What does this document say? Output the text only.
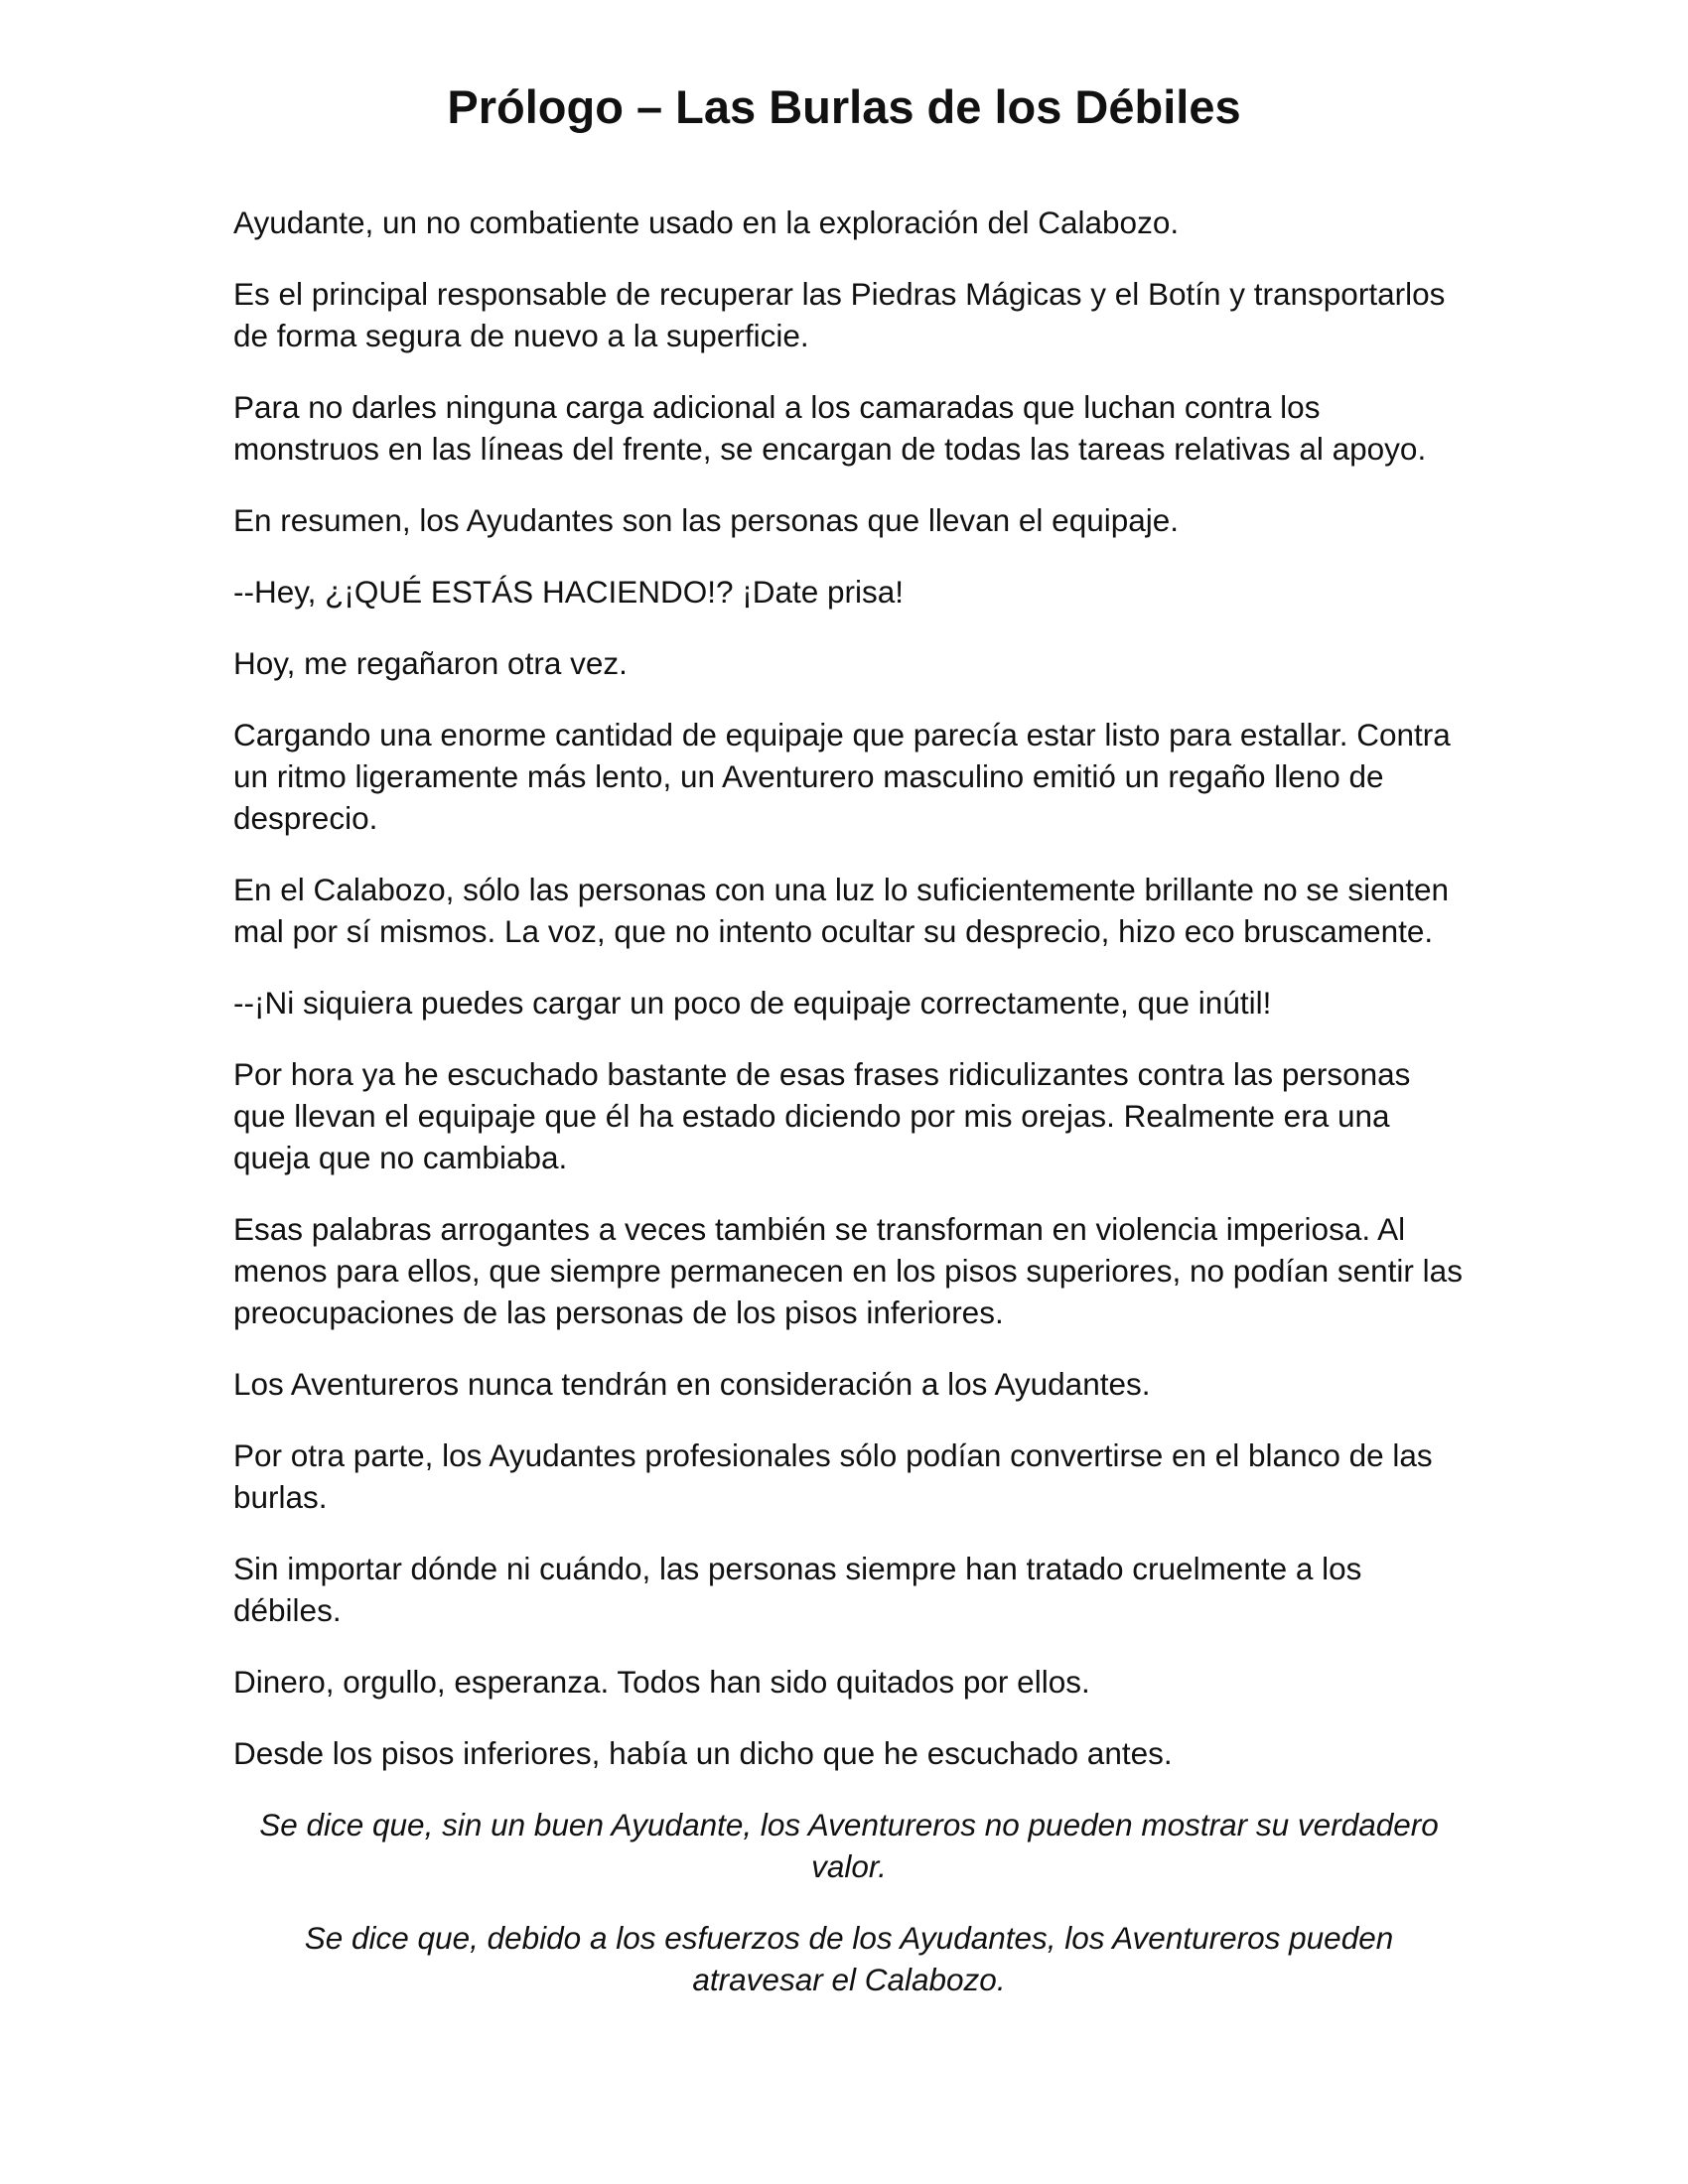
Prólogo – Las Burlas de los Débiles

Ayudante, un no combatiente usado en la exploración del Calabozo.

Es el principal responsable de recuperar las Piedras Mágicas y el Botín y transportarlos de forma segura de nuevo a la superficie.

Para no darles ninguna carga adicional a los camaradas que luchan contra los monstruos en las líneas del frente, se encargan de todas las tareas relativas al apoyo.

En resumen, los Ayudantes son las personas que llevan el equipaje.

--Hey, ¿¡QUÉ ESTÁS HACIENDO!? ¡Date prisa!

Hoy, me regañaron otra vez.

Cargando una enorme cantidad de equipaje que parecía estar listo para estallar. Contra un ritmo ligeramente más lento, un Aventurero masculino emitió un regaño lleno de desprecio.

En el Calabozo, sólo las personas con una luz lo suficientemente brillante no se sienten mal por sí mismos. La voz, que no intento ocultar su desprecio, hizo eco bruscamente.

--¡Ni siquiera puedes cargar un poco de equipaje correctamente, que inútil!

Por hora ya he escuchado bastante de esas frases ridiculizantes contra las personas que llevan el equipaje que él ha estado diciendo por mis orejas. Realmente era una queja que no cambiaba.

Esas palabras arrogantes a veces también se transforman en violencia imperiosa. Al menos para ellos, que siempre permanecen en los pisos superiores, no podían sentir las preocupaciones de las personas de los pisos inferiores.

Los Aventureros nunca tendrán en consideración a los Ayudantes.

Por otra parte, los Ayudantes profesionales sólo podían convertirse en el blanco de las burlas.

Sin importar dónde ni cuándo, las personas siempre han tratado cruelmente a los débiles.

Dinero, orgullo, esperanza. Todos han sido quitados por ellos.

Desde los pisos inferiores, había un dicho que he escuchado antes.

Se dice que, sin un buen Ayudante, los Aventureros no pueden mostrar su verdadero valor.

Se dice que, debido a los esfuerzos de los Ayudantes, los Aventureros pueden atravesar el Calabozo.
